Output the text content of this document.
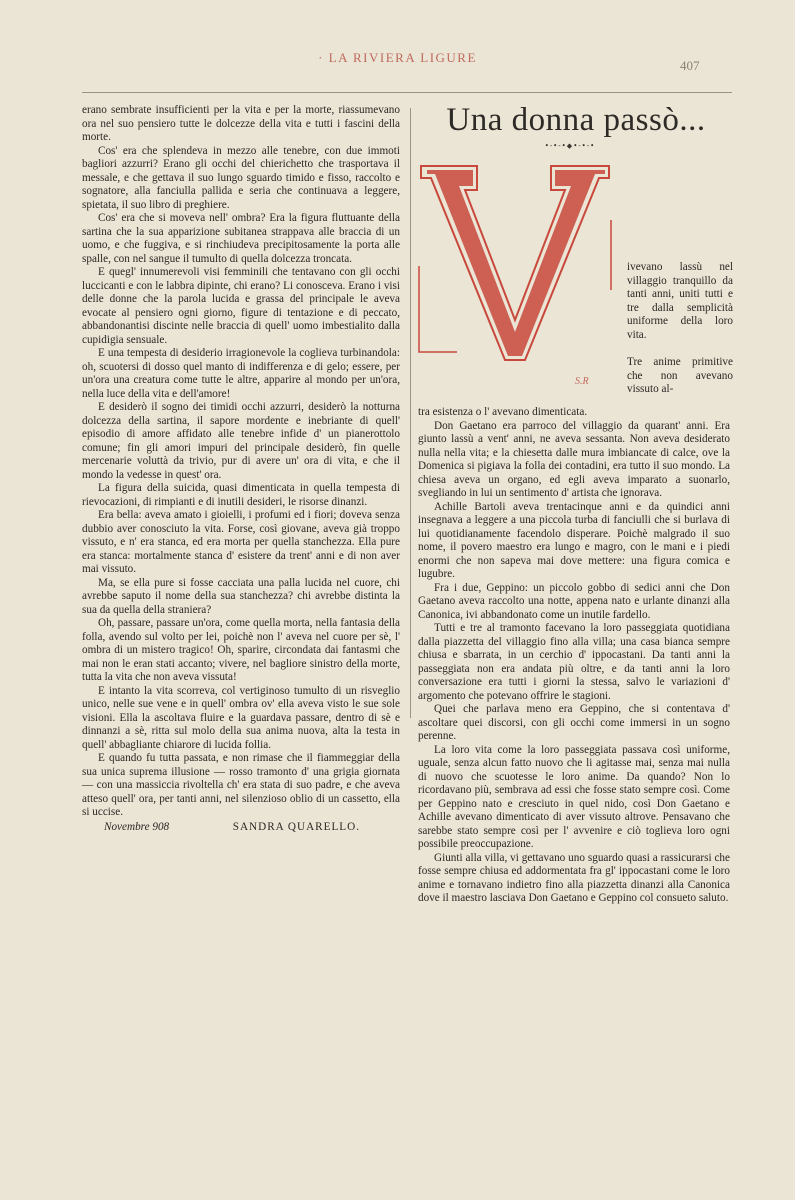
· LA RIVIERA LIGURE
407

erano sembrate insufficienti per la vita e per la morte, riassumevano ora nel suo pensiero tutte le dolcezze della vita e tutti i fascini della morte.

Cos' era che splendeva in mezzo alle tenebre, con due immoti bagliori azzurri? Erano gli occhi del chierichetto che trasportava il messale, e che gettava il suo lungo sguardo timido e fisso, raccolto e sognatore, alla fanciulla pallida e seria che continuava a leggere, spietata, il suo libro di preghiere.

Cos' era che si moveva nell' ombra? Era la figura fluttuante della sartina che la sua apparizione subitanea strappava alle braccia di un uomo, e che fuggiva, e si rinchiudeva precipitosamente la porta alle spalle, con nel sangue il tumulto di quella dolcezza troncata.

E quegl' innumerevoli visi femminili che tentavano con gli occhi luccicanti e con le labbra dipinte, chi erano? Li conosceva. Erano i visi delle donne che la parola lucida e grassa del principale le aveva evocate al pensiero ogni giorno, figure di tentazione e di peccato, abbandonantisi discinte nelle braccia di quell' uomo imbestialito dalla cupidigia sensuale.

E una tempesta di desiderio irragionevole la coglieva turbinandola: oh, scuotersi di dosso quel manto di indifferenza e di gelo; essere, per un'ora una creatura come tutte le altre, apparire al mondo per un'ora, nella luce della vita e dell'amore!

E desiderò il sogno dei timidi occhi azzurri, desiderò la notturna dolcezza della sartina, il sapore mordente e inebriante di quell' episodio di amore affidato alle tenebre infide d' un pianerottolo comune; fin gli amori impuri del principale desiderò, fin quelle mercenarie voluttà da trivio, pur di avere un' ora di vita, e che il mondo la vedesse in quest' ora.

La figura della suicida, quasi dimenticata in quella tempesta di rievocazioni, di rimpianti e di inutili desideri, le risorse dinanzi.

Era bella: aveva amato i gioielli, i profumi ed i fiori; doveva senza dubbio aver conosciuto la vita. Forse, così giovane, aveva già troppo vissuto, e n' era stanca, ed era morta per quella stanchezza. Ella pure era stanca: mortalmente stanca d' esistere da trent' anni e di non aver mai vissuto.

Ma, se ella pure si fosse cacciata una palla lucida nel cuore, chi avrebbe saputo il nome della sua stanchezza? chi avrebbe distinta la sua da quella della straniera?

Oh, passare, passare un'ora, come quella morta, nella fantasia della folla, avendo sul volto per lei, poichè non l' aveva nel cuore per sè, l' ombra di un mistero tragico! Oh, sparire, circondata dai fantasmi che mai non le eran stati accanto; vivere, nel bagliore sinistro della morte, tutta la vita che non aveva vissuta!

E intanto la vita scorreva, col vertiginoso tumulto di un risveglio unico, nelle sue vene e in quell' ombra ov' ella aveva visto le sue sole visioni. Ella la ascoltava fluire e la guardava passare, dentro di sè e dinnanzi a sè, ritta sul molo della sua anima nuova, alta la testa in quell' abbagliante chiarore di lucida follia.

E quando fu tutta passata, e non rimase che il fiammeggiar della sua unica suprema illusione — rosso tramonto d' una grigia giornata — con una massiccia rivoltella ch' era stata di suo padre, e che aveva atteso quell' ora, per tanti anni, nel silenzioso oblio di un cassetto, ella si uccise.

Novembre 908	SANDRA QUARELLO.
Una donna passò...
•-•-•◆•-•-•
S.R

ivevano lassù nel villaggio tranquillo da tanti anni, uniti tutti e tre dalla semplicità uniforme della loro vita.

Tre anime primitive che non avevano vissuto al-

tra esistenza o l' avevano dimenticata.

Don Gaetano era parroco del villaggio da quarant' anni. Era giunto lassù a vent' anni, ne aveva sessanta. Non aveva desiderato nulla nella vita; e la chiesetta dalle mura imbiancate di calce, ove la Domenica si pigiava la folla dei contadini, era tutto il suo mondo. La chiesa aveva un organo, ed egli aveva imparato a suonarlo, svegliando in lui un sentimento d' artista che ignorava.

Achille Bartoli aveva trentacinque anni e da quindici anni insegnava a leggere a una piccola turba di fanciulli che si burlava di lui quotidianamente facendolo disperare. Poichè malgrado il suo nome, il povero maestro era lungo e magro, con le mani e i piedi enormi che non sapeva mai dove mettere: una figura comica e lugubre.

Fra i due, Geppino: un piccolo gobbo di sedici anni che Don Gaetano aveva raccolto una notte, appena nato e urlante dinanzi alla Canonica, ivi abbandonato come un inutile fardello.

Tutti e tre al tramonto facevano la loro passeggiata quotidiana dalla piazzetta del villaggio fino alla villa; una casa bianca sempre chiusa e sbarrata, in un cerchio d' ippocastani. Da tanti anni la passeggiata non era andata più oltre, e da tanti anni la loro conversazione era tutti i giorni la stessa, salvo le variazioni d' argomento che potevano offrire le stagioni.

Quei che parlava meno era Geppino, che si contentava d' ascoltare quei discorsi, con gli occhi come immersi in un sogno perenne.

La loro vita come la loro passeggiata passava così uniforme, uguale, senza alcun fatto nuovo che li agitasse mai, senza mai nulla di nuovo che scuotesse le loro anime. Da quando? Non lo ricordavano più, sembrava ad essi che fosse stato sempre così. Come per Geppino nato e cresciuto in quel nido, così Don Gaetano e Achille avevano dimenticato di aver vissuto altrove. Pensavano che sarebbe stato sempre così per l' avvenire e ciò toglieva loro ogni possibile preoccupazione.

Giunti alla villa, vi gettavano uno sguardo quasi a rassicurarsi che fosse sempre chiusa ed addormentata fra gl' ippocastani come le loro anime e tornavano indietro fino alla piazzetta dinanzi alla Canonica dove il maestro lasciava Don Gaetano e Geppino col consueto saluto.
